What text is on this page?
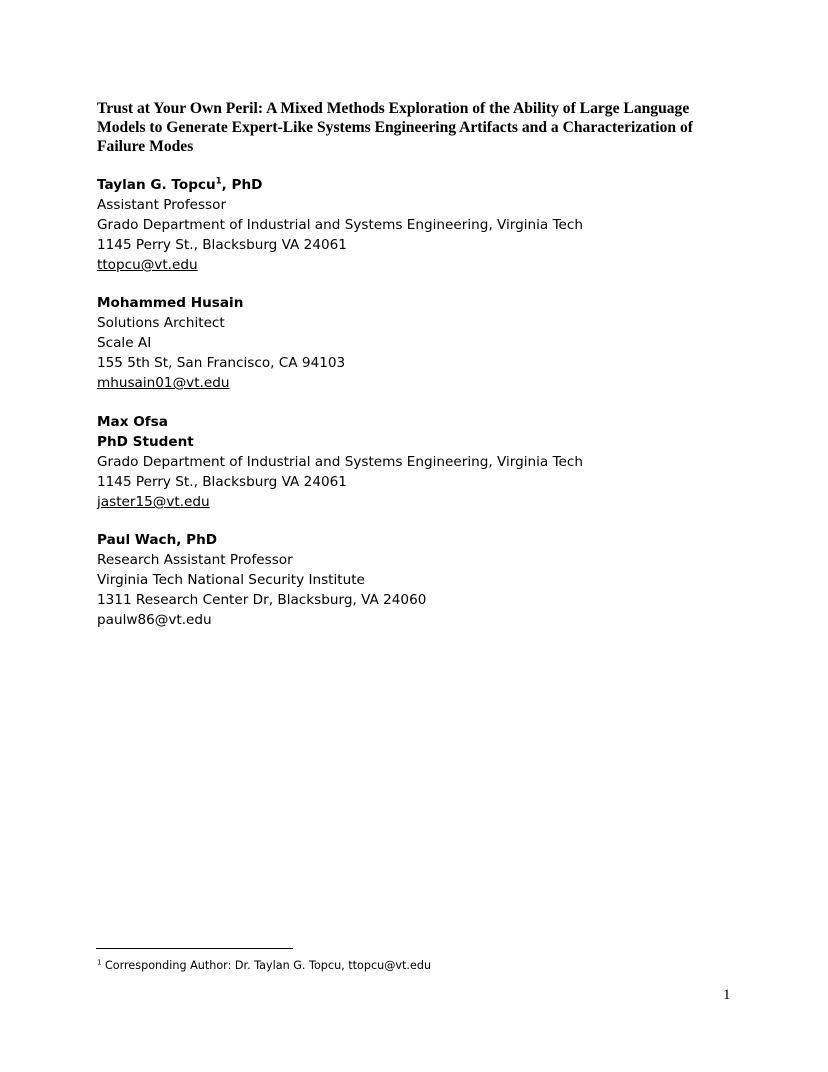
Trust at Your Own Peril: A Mixed Methods Exploration of the Ability of Large Language Models to Generate Expert-Like Systems Engineering Artifacts and a Characterization of Failure Modes
Taylan G. Topcu$^1$, PhD
Assistant Professor
Grado Department of Industrial and Systems Engineering, Virginia Tech
1145 Perry St., Blacksburg VA 24061
ttopcu@vt.edu
Mohammed Husain
Solutions Architect
Scale AI
155 5th St, San Francisco, CA 94103
mhusain01@vt.edu
Max Ofsa
PhD Student
Grado Department of Industrial and Systems Engineering, Virginia Tech
1145 Perry St., Blacksburg VA 24061
jaster15@vt.edu
Paul Wach, PhD
Research Assistant Professor
Virginia Tech National Security Institute
1311 Research Center Dr, Blacksburg, VA 24060
paulw86@vt.edu
$^1$ Corresponding Author: Dr. Taylan G. Topcu, ttopcu@vt.edu
1
